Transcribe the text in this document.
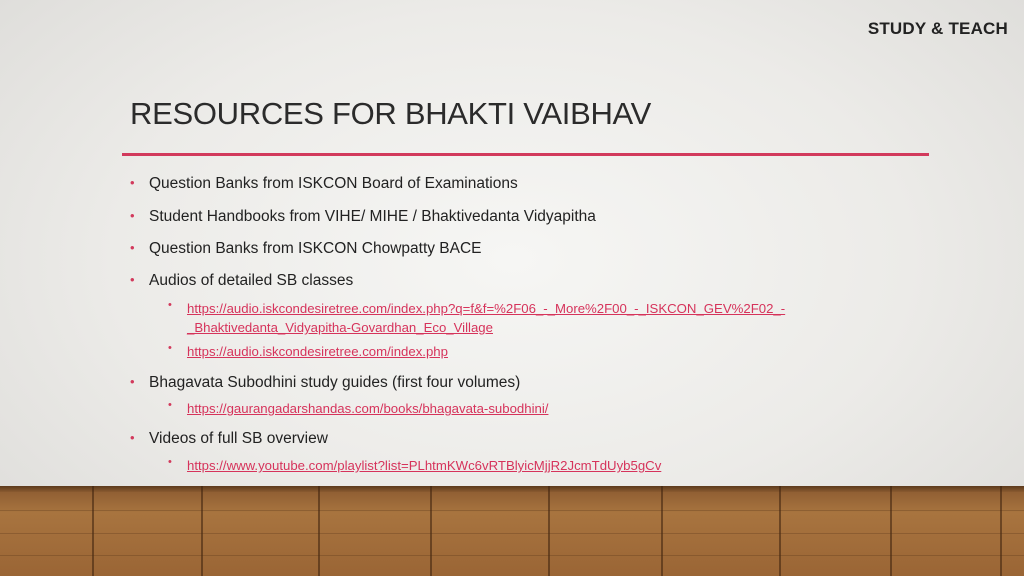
STUDY & TEACH
RESOURCES FOR BHAKTI VAIBHAV
• Question Banks from ISKCON Board of Examinations
• Student Handbooks from VIHE/ MIHE / Bhaktivedanta Vidyapitha
• Question Banks from ISKCON Chowpatty BACE
• Audios of detailed SB classes
• https://audio.iskcondesiretree.com/index.php?q=f&f=%2F06_-_More%2F00_-_ISKCON_GEV%2F02_-
_Bhaktivedanta_Vidyapitha-Govardhan_Eco_Village
• https://audio.iskcondesiretree.com/index.php
• Bhagavata Subodhini study guides (first four volumes)
• https://gaurangadarshandas.com/books/bhagavata-subodhini/
• Videos of full SB overview
• https://www.youtube.com/playlist?list=PLhtmKWc6vRTBlyicMjjR2JcmTdUyb5gCv
